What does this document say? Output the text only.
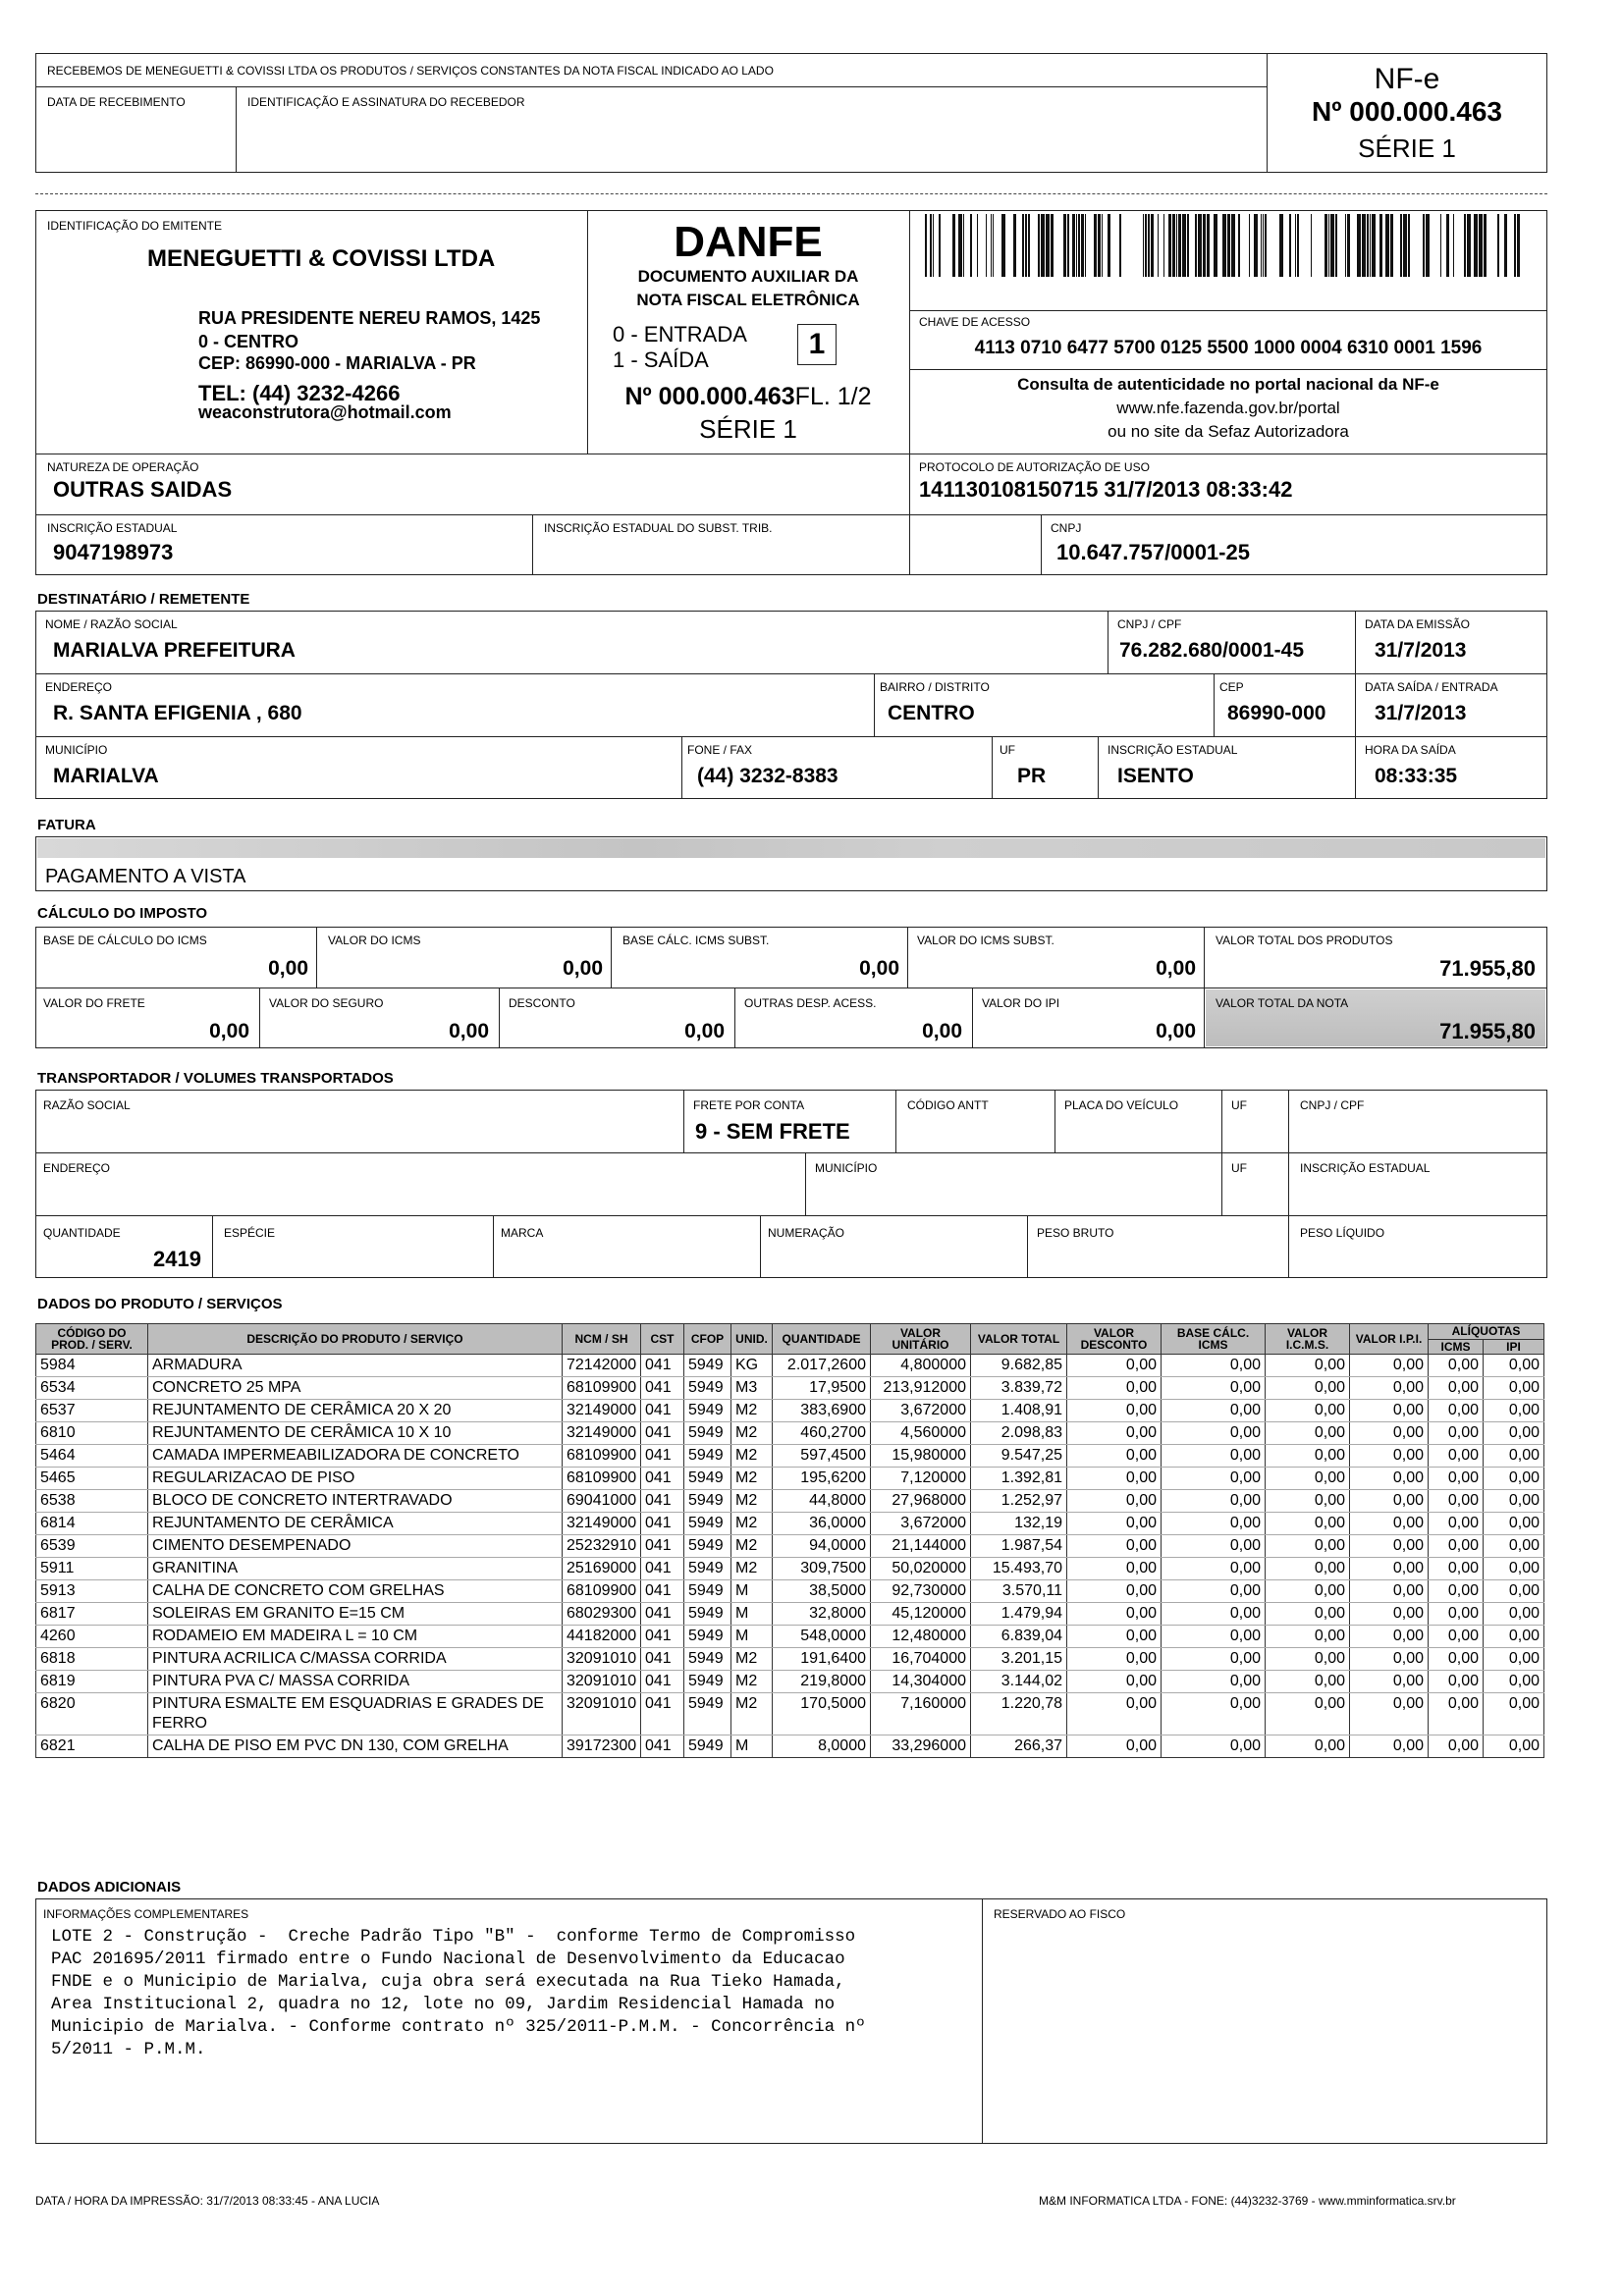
RECEBEMOS DE MENEGUETTI & COVISSI LTDA OS PRODUTOS / SERVIÇOS CONSTANTES DA NOTA FISCAL INDICADO AO LADO
DATA DE RECEBIMENTO	IDENTIFICAÇÃO E ASSINATURA DO RECEBEDOR
NF-e
Nº 000.000.463
SÉRIE 1
IDENTIFICAÇÃO DO EMITENTE
MENEGUETTI & COVISSI LTDA
RUA PRESIDENTE NEREU RAMOS, 1425
0 - CENTRO
CEP: 86990-000 - MARIALVA - PR
TEL: (44) 3232-4266
weaconstrutora@hotmail.com
DANFE
DOCUMENTO AUXILIAR DA
NOTA FISCAL ELETRÔNICA
0 - ENTRADA
1 - SAÍDA	1
Nº 000.000.463FL. 1/2
SÉRIE 1
CHAVE DE ACESSO
4113 0710 6477 5700 0125 5500 1000 0004 6310 0001 1596
Consulta de autenticidade no portal nacional da NF-e
www.nfe.fazenda.gov.br/portal
ou no site da Sefaz Autorizadora
NATUREZA DE OPERAÇÃO
OUTRAS SAIDAS
PROTOCOLO DE AUTORIZAÇÃO DE USO
141130108150715 31/7/2013 08:33:42
INSCRIÇÃO ESTADUAL
9047198973
INSCRIÇÃO ESTADUAL DO SUBST. TRIB.	CNPJ
10.647.757/0001-25
DESTINATÁRIO / REMETENTE
NOME / RAZÃO SOCIAL
MARIALVA PREFEITURA
CNPJ / CPF
76.282.680/0001-45
DATA DA EMISSÃO
31/7/2013
ENDEREÇO
R. SANTA EFIGENIA , 680
BAIRRO / DISTRITO
CENTRO
CEP
86990-000
DATA SAÍDA / ENTRADA
31/7/2013
MUNICÍPIO
MARIALVA
FONE / FAX
(44) 3232-8383
UF
PR
INSCRIÇÃO ESTADUAL
ISENTO
HORA DA SAÍDA
08:33:35
FATURA
PAGAMENTO A VISTA
CÁLCULO DO IMPOSTO
BASE DE CÁLCULO DO ICMS
0,00
VALOR DO ICMS
0,00
BASE CÁLC. ICMS SUBST.
0,00
VALOR DO ICMS SUBST.
0,00
VALOR TOTAL DOS PRODUTOS
71.955,80
VALOR DO FRETE
0,00
VALOR DO SEGURO
0,00
DESCONTO
0,00
OUTRAS DESP. ACESS.
0,00
VALOR DO IPI
0,00
VALOR TOTAL DA NOTA
71.955,80
TRANSPORTADOR / VOLUMES TRANSPORTADOS
RAZÃO SOCIAL	FRETE POR CONTA
9 - SEM FRETE
CÓDIGO ANTT	PLACA DO VEÍCULO	UF	CNPJ / CPF
ENDEREÇO	MUNICÍPIO	UF	INSCRIÇÃO ESTADUAL
QUANTIDADE
2419
ESPÉCIE	MARCA	NUMERAÇÃO	PESO BRUTO	PESO LÍQUIDO
DADOS DO PRODUTO / SERVIÇOS
CÓDIGO DO PROD. / SERV.	DESCRIÇÃO DO PRODUTO / SERVIÇO	NCM / SH	CST	CFOP	UNID.	QUANTIDADE	VALOR UNITÁRIO	VALOR TOTAL	VALOR DESCONTO	BASE CÁLC. ICMS	VALOR I.C.M.S.	VALOR I.P.I.	ALÍQUOTAS	
													ICMS	IPI
5984	ARMADURA	72142000	041	5949	KG	2.017,2600	4,800000	9.682,85	0,00	0,00	0,00	0,00	0,00	0,00
6534	CONCRETO 25 MPA	68109900	041	5949	M3	17,9500	213,912000	3.839,72	0,00	0,00	0,00	0,00	0,00	0,00
6537	REJUNTAMENTO DE CERÂMICA 20 X 20	32149000	041	5949	M2	383,6900	3,672000	1.408,91	0,00	0,00	0,00	0,00	0,00	0,00
6810	REJUNTAMENTO DE CERÂMICA 10 X 10	32149000	041	5949	M2	460,2700	4,560000	2.098,83	0,00	0,00	0,00	0,00	0,00	0,00
5464	CAMADA IMPERMEABILIZADORA DE CONCRETO	68109900	041	5949	M2	597,4500	15,980000	9.547,25	0,00	0,00	0,00	0,00	0,00	0,00
5465	REGULARIZACAO DE PISO	68109900	041	5949	M2	195,6200	7,120000	1.392,81	0,00	0,00	0,00	0,00	0,00	0,00
6538	BLOCO DE CONCRETO INTERTRAVADO	69041000	041	5949	M2	44,8000	27,968000	1.252,97	0,00	0,00	0,00	0,00	0,00	0,00
6814	REJUNTAMENTO DE CERÂMICA	32149000	041	5949	M2	36,0000	3,672000	132,19	0,00	0,00	0,00	0,00	0,00	0,00
6539	CIMENTO DESEMPENADO	25232910	041	5949	M2	94,0000	21,144000	1.987,54	0,00	0,00	0,00	0,00	0,00	0,00
5911	GRANITINA	25169000	041	5949	M2	309,7500	50,020000	15.493,70	0,00	0,00	0,00	0,00	0,00	0,00
5913	CALHA DE CONCRETO COM GRELHAS	68109900	041	5949	M	38,5000	92,730000	3.570,11	0,00	0,00	0,00	0,00	0,00	0,00
6817	SOLEIRAS EM GRANITO E=15 CM	68029300	041	5949	M	32,8000	45,120000	1.479,94	0,00	0,00	0,00	0,00	0,00	0,00
4260	RODAMEIO EM MADEIRA L = 10 CM	44182000	041	5949	M	548,0000	12,480000	6.839,04	0,00	0,00	0,00	0,00	0,00	0,00
6818	PINTURA ACRILICA C/MASSA CORRIDA	32091010	041	5949	M2	191,6400	16,704000	3.201,15	0,00	0,00	0,00	0,00	0,00	0,00
6819	PINTURA PVA C/ MASSA CORRIDA	32091010	041	5949	M2	219,8000	14,304000	3.144,02	0,00	0,00	0,00	0,00	0,00	0,00
6820	PINTURA ESMALTE EM ESQUADRIAS E GRADES DE FERRO	32091010	041	5949	M2	170,5000	7,160000	1.220,78	0,00	0,00	0,00	0,00	0,00	0,00
6821	CALHA DE PISO EM PVC DN 130, COM GRELHA	39172300	041	5949	M	8,0000	33,296000	266,37	0,00	0,00	0,00	0,00	0,00	0,00
DADOS ADICIONAIS
INFORMAÇÕES COMPLEMENTARES
LOTE 2 - Construção -  Creche Padrão Tipo "B" -  conforme Termo de Compromisso
PAC 201695/2011 firmado entre o Fundo Nacional de Desenvolvimento da Educacao
FNDE e o Municipio de Marialva, cuja obra será executada na Rua Tieko Hamada,
Area Institucional 2, quadra no 12, lote no 09, Jardim Residencial Hamada no
Municipio de Marialva. - Conforme contrato nº 325/2011-P.M.M. - Concorrência nº
5/2011 - P.M.M.
RESERVADO AO FISCO
DATA / HORA DA IMPRESSÃO: 31/7/2013 08:33:45 - ANA LUCIA	M&M INFORMATICA LTDA - FONE: (44)3232-3769 - www.mminformatica.srv.br
